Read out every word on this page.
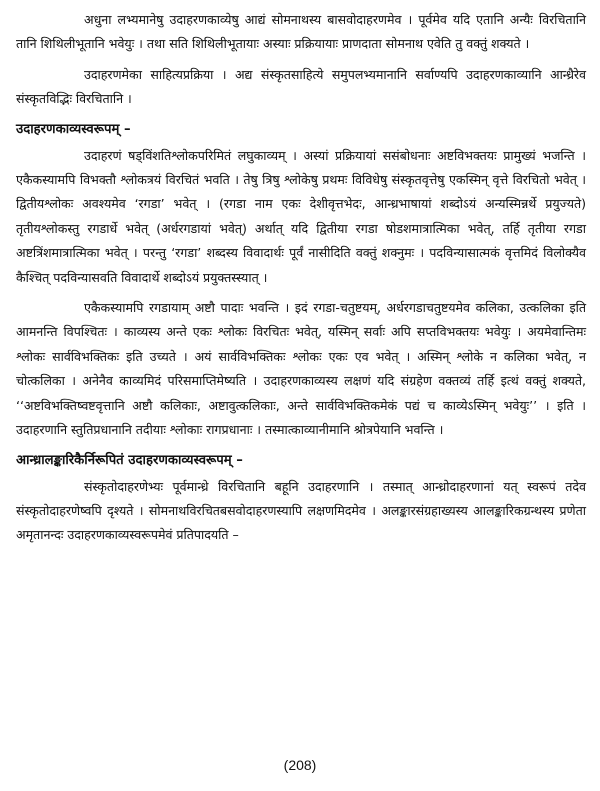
अधुना लभ्यमानेषु उदाहरणकाव्येषु आद्यं सोमनाथस्य बासवोदाहरणमेव । पूर्वमेव यदि एतानि अन्यैः विरचितानि तानि शिथिलीभूतानि भवेयुः । तथा सति शिथिलीभूतायाः अस्याः प्रक्रियायाः प्राणदाता सोमनाथ एवेति तु वक्तुं शक्यते ।

उदाहरणमेका साहित्यप्रक्रिया । अद्य संस्कृतसाहित्ये समुपलभ्यमानानि सर्वाण्यपि उदाहरणकाव्यानि आन्ध्रैरेव संस्कृतविद्भिः विरचितानि ।

उदाहरणकाव्यस्वरूपम् –

उदाहरणं षड्विंशतिश्लोकपरिमितं लघुकाव्यम् । अस्यां प्रक्रियायां ससंबोधनाः अष्टविभक्तयः प्रामुख्यं भजन्ति । एकैकस्यामपि विभक्तौ श्लोकत्रयं विरचितं भवति । तेषु त्रिषु श्लोकेषु प्रथमः विविधेषु संस्कृतवृत्तेषु एकस्मिन् वृत्ते विरचितो भवेत् । द्वितीयश्लोकः अवश्यमेव ‘रगडा’ भवेत् । (रगडा नाम एकः देशीवृत्तभेदः, आन्ध्रभाषायां शब्दोऽयं अन्यस्मिन्नर्थे प्रयुज्यते) तृतीयश्लोकस्तु रगडार्धे भवेत् (अर्धरगडायां भवेत्) अर्थात् यदि द्वितीया रगडा षोडशमात्रात्मिका भवेत्, तर्हि तृतीया रगडा अष्टत्रिंशमात्रात्मिका भवेत् । परन्तु ‘रगडा’ शब्दस्य विवादार्थः पूर्वं नासीदिति वक्तुं शक्नुमः । पदविन्यासात्मकं वृत्तमिदं विलोक्यैव कैश्चित् पदविन्यासवति विवादार्थे शब्दोऽयं प्रयुक्तस्स्यात् ।

एकैकस्यामपि रगडायाम् अष्टौ पादाः भवन्ति । इदं रगडा-चतुष्टयम्, अर्धरगडाचतुष्टयमेव कलिका, उत्कलिका इति आमनन्ति विपश्चितः । काव्यस्य अन्ते एकः श्लोकः विरचितः भवेत्, यस्मिन् सर्वाः अपि सप्तविभक्तयः भवेयुः । अयमेवान्तिमः श्लोकः सार्वविभक्तिकः इति उच्यते । अयं सार्वविभक्तिकः श्लोकः एकः एव भवेत् । अस्मिन् श्लोके न कलिका भवेत्, न चोत्कलिका । अनेनैव काव्यमिदं परिसमाप्तिमेष्यति । उदाहरणकाव्यस्य लक्षणं यदि संग्रहेण वक्तव्यं तर्हि इत्थं वक्तुं शक्यते, ‘‘अष्टविभक्तिष्वष्टवृत्तानि अष्टौ कलिकाः, अष्टावुत्कलिकाः, अन्ते सार्वविभक्तिकमेकं पद्यं च काव्येऽस्मिन् भवेयुः’’ । इति । उदाहरणानि स्तुतिप्रधानानि तदीयाः श्लोकाः रागप्रधानाः । तस्मात्काव्यानीमानि श्रोत्रपेयानि भवन्ति ।

आन्ध्रालङ्कारिकैर्निरूपितं उदाहरणकाव्यस्वरूपम् –

संस्कृतोदाहरणेभ्यः पूर्वमान्ध्रे विरचितानि बहूनि उदाहरणानि । तस्मात् आन्ध्रोदाहरणानां यत् स्वरूपं तदेव संस्कृतोदाहरणेष्वपि दृश्यते । सोमनाथविरचितबसवोदाहरणस्यापि लक्षणमिदमेव । अलङ्कारसंग्रहाख्यस्य आलङ्कारिकग्रन्थस्य प्रणेता अमृतानन्दः उदाहरणकाव्यस्वरूपमेवं प्रतिपादयति –

(208)
